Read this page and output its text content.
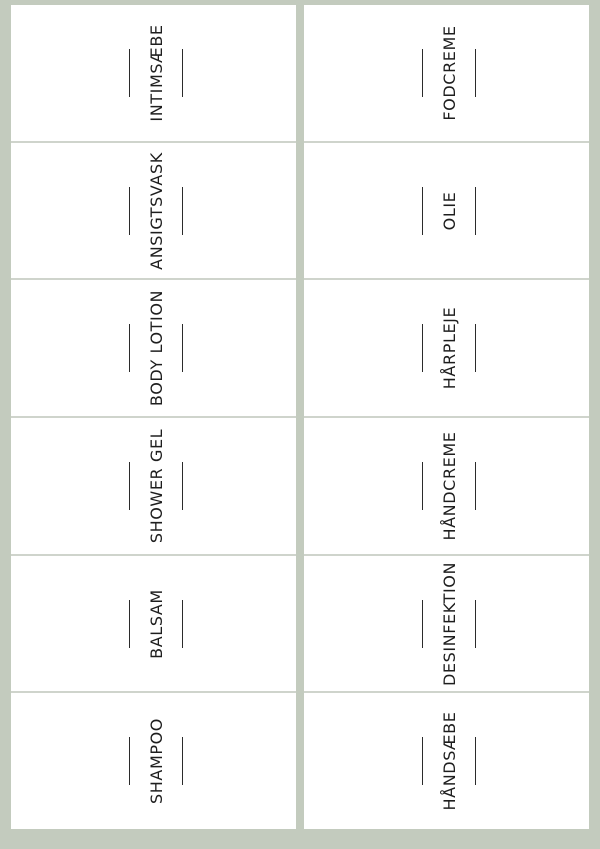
INTIMSÆBE
ANSIGTSVASK
BODY LOTION
SHOWER GEL
BALSAM
SHAMPOO
FODCREME
OLIE
HÅRPLEJE
HÅNDCREME
DESINFEKTION
HÅNDSÆBE
